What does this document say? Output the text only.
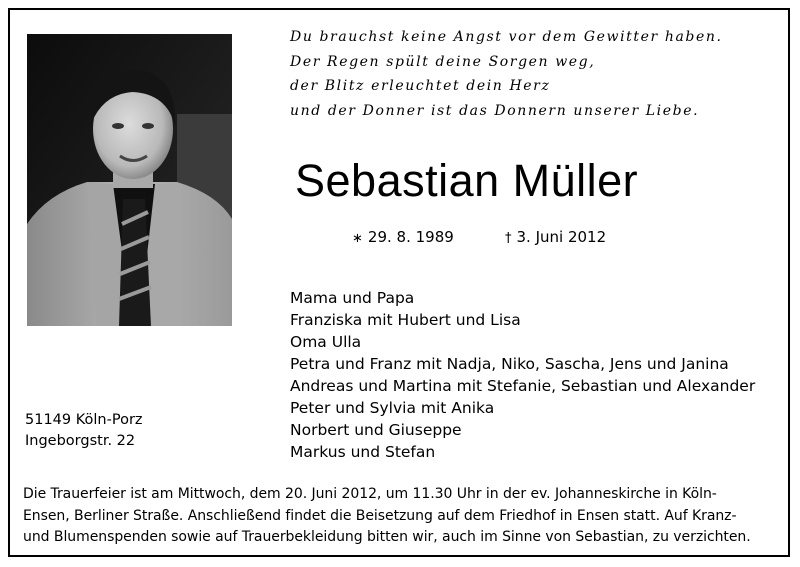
Du brauchst keine Angst vor dem Gewitter haben.
Der Regen spült deine Sorgen weg,
der Blitz erleuchtet dein Herz
und der Donner ist das Donnern unserer Liebe.
Sebastian Müller
∗ 29. 8. 1989	† 3. Juni 2012
Mama und Papa
Franziska mit Hubert und Lisa
Oma Ulla
Petra und Franz mit Nadja, Niko, Sascha, Jens und Janina
Andreas und Martina mit Stefanie, Sebastian und Alexander
Peter und Sylvia mit Anika
Norbert und Giuseppe
Markus und Stefan
51149 Köln-Porz
Ingeborgstr. 22
Die Trauerfeier ist am Mittwoch, dem 20. Juni 2012, um 11.30 Uhr in der ev. Johanneskirche in Köln-
Ensen, Berliner Straße. Anschließend findet die Beisetzung auf dem Friedhof in Ensen statt. Auf Kranz-
und Blumenspenden sowie auf Trauerbekleidung bitten wir, auch im Sinne von Sebastian, zu verzichten.
